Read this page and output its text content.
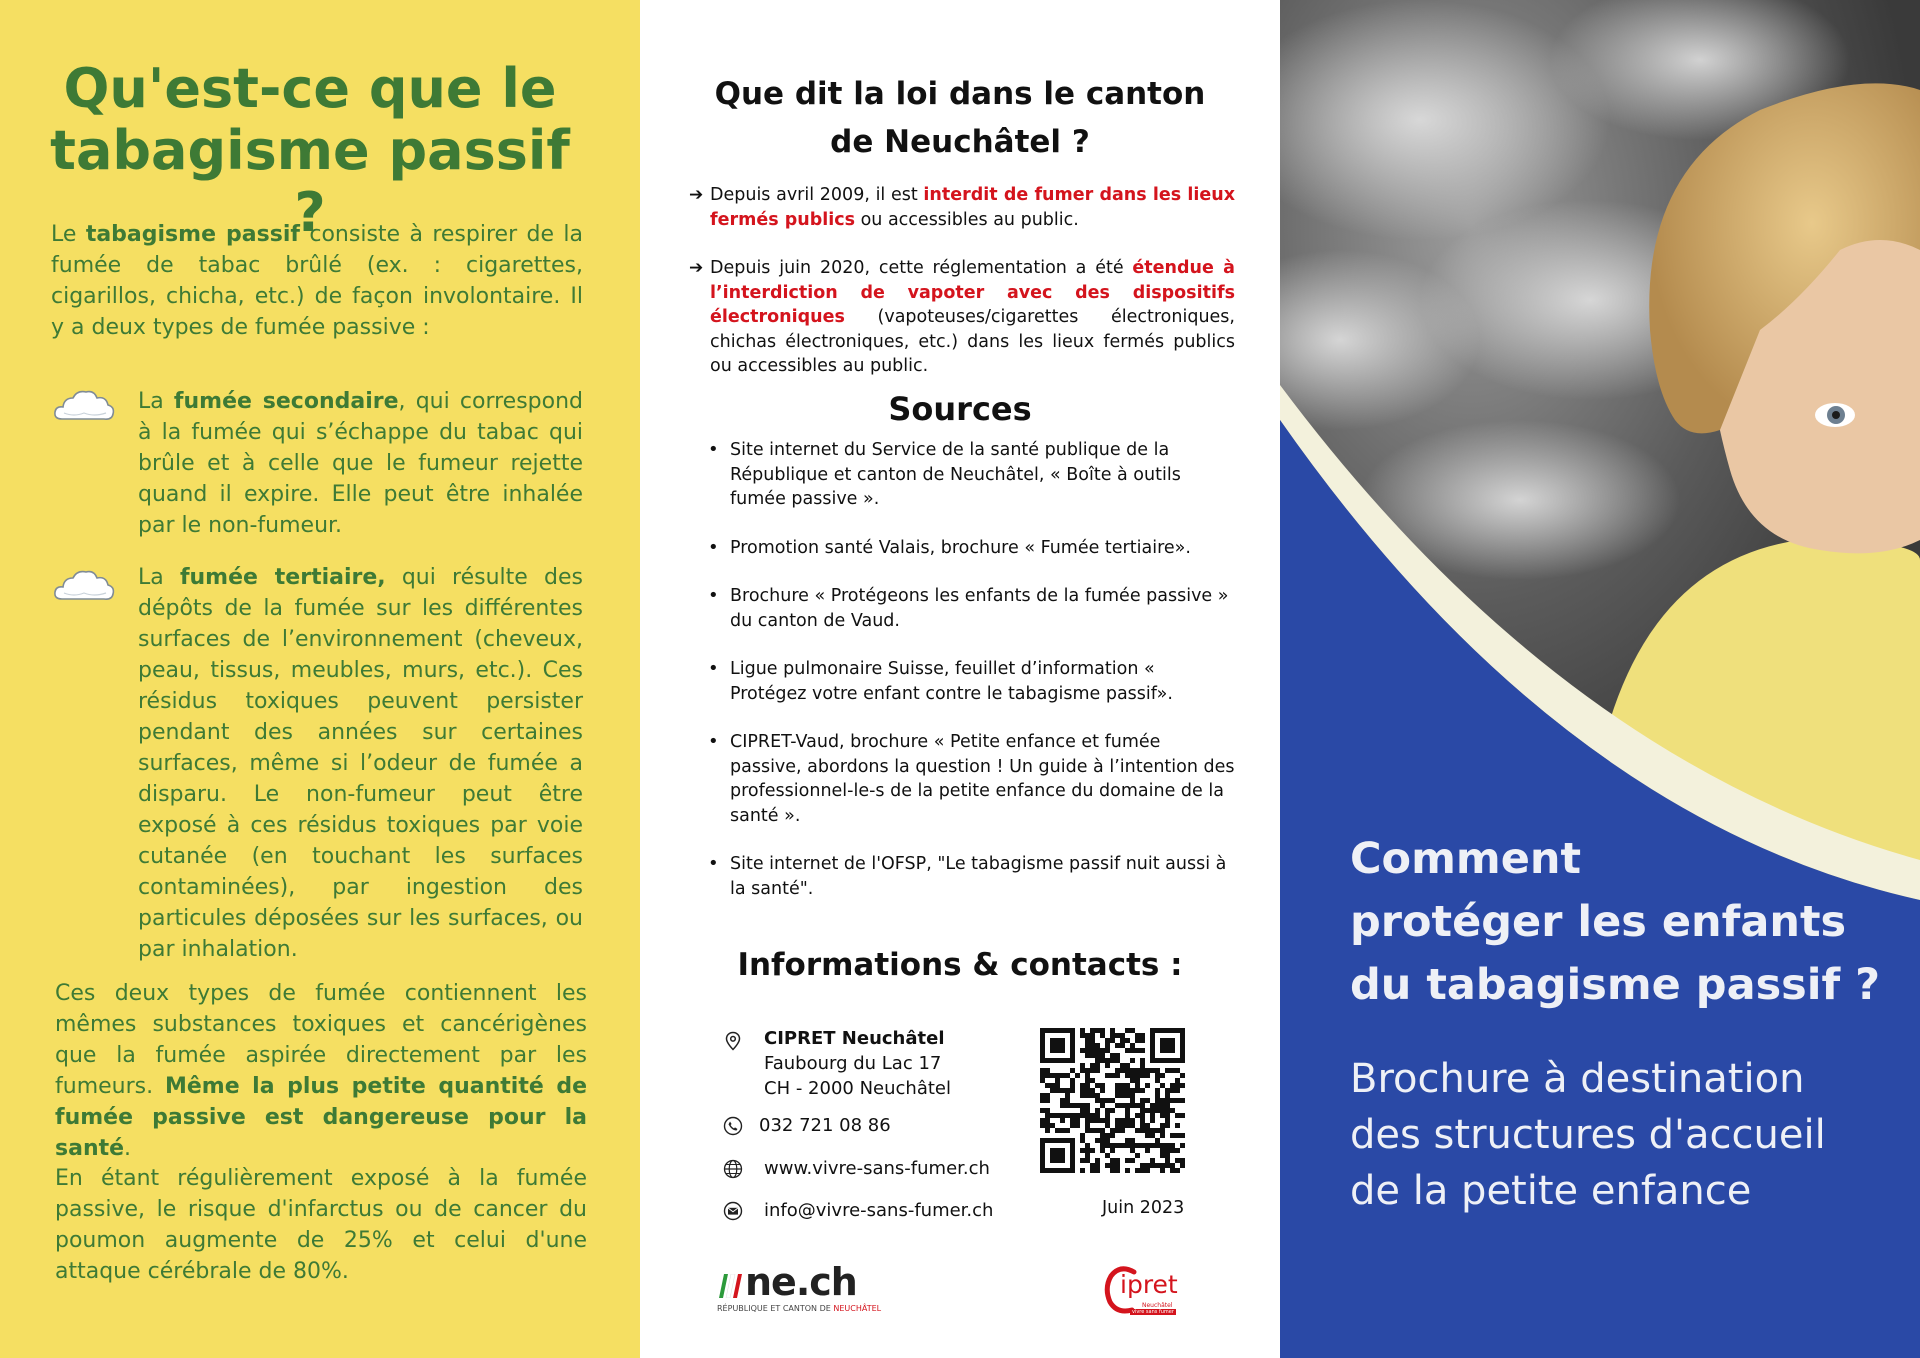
Qu'est-ce que le
tabagisme passif ?
Le tabagisme passif consiste à respirer de la fumée de tabac brûlé (ex. : cigarettes, cigarillos, chicha, etc.) de façon involontaire. Il y a deux types de fumée passive :
La fumée secondaire, qui correspond à la fumée qui s’échappe du tabac qui brûle et à celle que le fumeur rejette quand il expire. Elle peut être inhalée par le non-fumeur.
La fumée tertiaire, qui résulte des dépôts de la fumée sur les différentes surfaces de l’environnement (cheveux, peau, tissus, meubles, murs, etc.). Ces résidus toxiques peuvent persister pendant des années sur certaines surfaces, même si l’odeur de fumée a disparu. Le non-fumeur peut être exposé à ces résidus toxiques par voie cutanée (en touchant les surfaces contaminées), par ingestion des particules déposées sur les surfaces, ou par inhalation.
Ces deux types de fumée contiennent les mêmes substances toxiques et cancérigènes que la fumée aspirée directement par les fumeurs. Même la plus petite quantité de fumée passive est dangereuse pour la santé.
En étant régulièrement exposé à la fumée passive, le risque d'infarctus ou de cancer du poumon augmente de 25% et celui d'une attaque cérébrale de 80%.
Que dit la loi dans le canton
de Neuchâtel ?
➔ Depuis avril 2009, il est interdit de fumer dans les lieux fermés publics ou accessibles au public.
➔ Depuis juin 2020, cette réglementation a été étendue à l’interdiction de vapoter avec des dispositifs électroniques (vapoteuses/cigarettes électroniques, chichas électroniques, etc.) dans les lieux fermés publics ou accessibles au public.
Sources
• Site internet du Service de la santé publique de la République et canton de Neuchâtel, « Boîte à outils fumée passive ».
• Promotion santé Valais, brochure « Fumée tertiaire».
• Brochure « Protégeons les enfants de la fumée passive » du canton de Vaud.
• Ligue pulmonaire Suisse, feuillet d’information « Protégez votre enfant contre le tabagisme passif».
• CIPRET-Vaud, brochure « Petite enfance et fumée passive, abordons la question ! Un guide à l’intention des professionnel-le-s de la petite enfance du domaine de la santé ».
• Site internet de l'OFSP, "Le tabagisme passif nuit aussi à la santé".
Informations & contacts :
CIPRET Neuchâtel
Faubourg du Lac 17
CH - 2000 Neuchâtel
032 721 08 86
www.vivre-sans-fumer.ch
info@vivre-sans-fumer.ch	Juin 2023
ne.ch
RÉPUBLIQUE ET CANTON DE NEUCHÂTEL
ipret
Neuchâtel
vivre sans fumer
Comment
protéger les enfants
du tabagisme passif ?
Brochure à destination
des structures d'accueil
de la petite enfance
